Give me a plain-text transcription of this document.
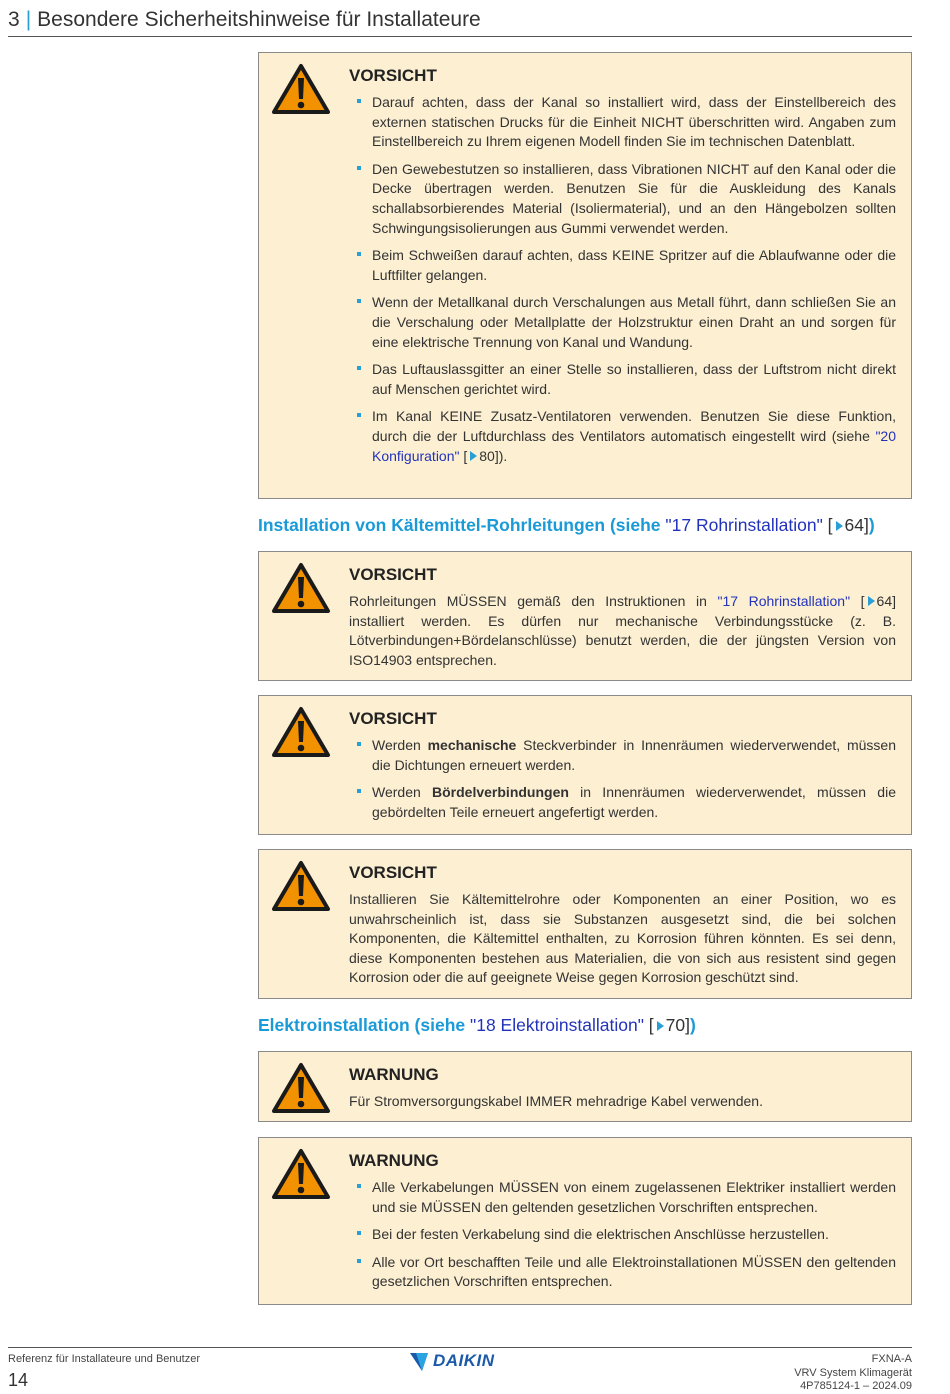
3 | Besondere Sicherheitshinweise für Installateure
VORSICHT
Darauf achten, dass der Kanal so installiert wird, dass der Einstellbereich des externen statischen Drucks für die Einheit NICHT überschritten wird. Angaben zum Einstellbereich zu Ihrem eigenen Modell finden Sie im technischen Datenblatt.
Den Gewebestutzen so installieren, dass Vibrationen NICHT auf den Kanal oder die Decke übertragen werden. Benutzen Sie für die Auskleidung des Kanals schallabsorbierendes Material (Isoliermaterial), und an den Hängebolzen sollten Schwingungsisolierungen aus Gummi verwendet werden.
Beim Schweißen darauf achten, dass KEINE Spritzer auf die Ablaufwanne oder die Luftfilter gelangen.
Wenn der Metallkanal durch Verschalungen aus Metall führt, dann schließen Sie an die Verschalung oder Metallplatte der Holzstruktur einen Draht an und sorgen für eine elektrische Trennung von Kanal und Wandung.
Das Luftauslassgitter an einer Stelle so installieren, dass der Luftstrom nicht direkt auf Menschen gerichtet wird.
Im Kanal KEINE Zusatz-Ventilatoren verwenden. Benutzen Sie diese Funktion, durch die der Luftdurchlass des Ventilators automatisch eingestellt wird (siehe "20 Konfiguration" [ 80]).
Installation von Kältemittel-Rohrleitungen (siehe "17 Rohrinstallation" [ 64])
VORSICHT

Rohrleitungen MÜSSEN gemäß den Instruktionen in "17 Rohrinstallation" [ 64] installiert werden. Es dürfen nur mechanische Verbindungsstücke (z. B. Lötverbindungen+Bördelanschlüsse) benutzt werden, die der jüngsten Version von ISO14903 entsprechen.

VORSICHT
Werden mechanische Steckverbinder in Innenräumen wiederverwendet, müssen die Dichtungen erneuert werden.
Werden Bördelverbindungen in Innenräumen wiederverwendet, müssen die gebördelten Teile erneuert angefertigt werden.
VORSICHT

Installieren Sie Kältemittelrohre oder Komponenten an einer Position, wo es unwahrscheinlich ist, dass sie Substanzen ausgesetzt sind, die bei solchen Komponenten, die Kältemittel enthalten, zu Korrosion führen könnten. Es sei denn, diese Komponenten bestehen aus Materialien, die von sich aus resistent sind gegen Korrosion oder die auf geeignete Weise gegen Korrosion geschützt sind.

Elektroinstallation (siehe "18 Elektroinstallation" [ 70])
WARNUNG

Für Stromversorgungskabel IMMER mehradrige Kabel verwenden.

WARNUNG
Alle Verkabelungen MÜSSEN von einem zugelassenen Elektriker installiert werden und sie MÜSSEN den geltenden gesetzlichen Vorschriften entsprechen.
Bei der festen Verkabelung sind die elektrischen Anschlüsse herzustellen.
Alle vor Ort beschafften Teile und alle Elektroinstallationen MÜSSEN den geltenden gesetzlichen Vorschriften entsprechen.
Referenz für Installateure und Benutzer
14
DAIKIN	FXNA-A
VRV System Klimagerät
4P785124-1 – 2024.09
